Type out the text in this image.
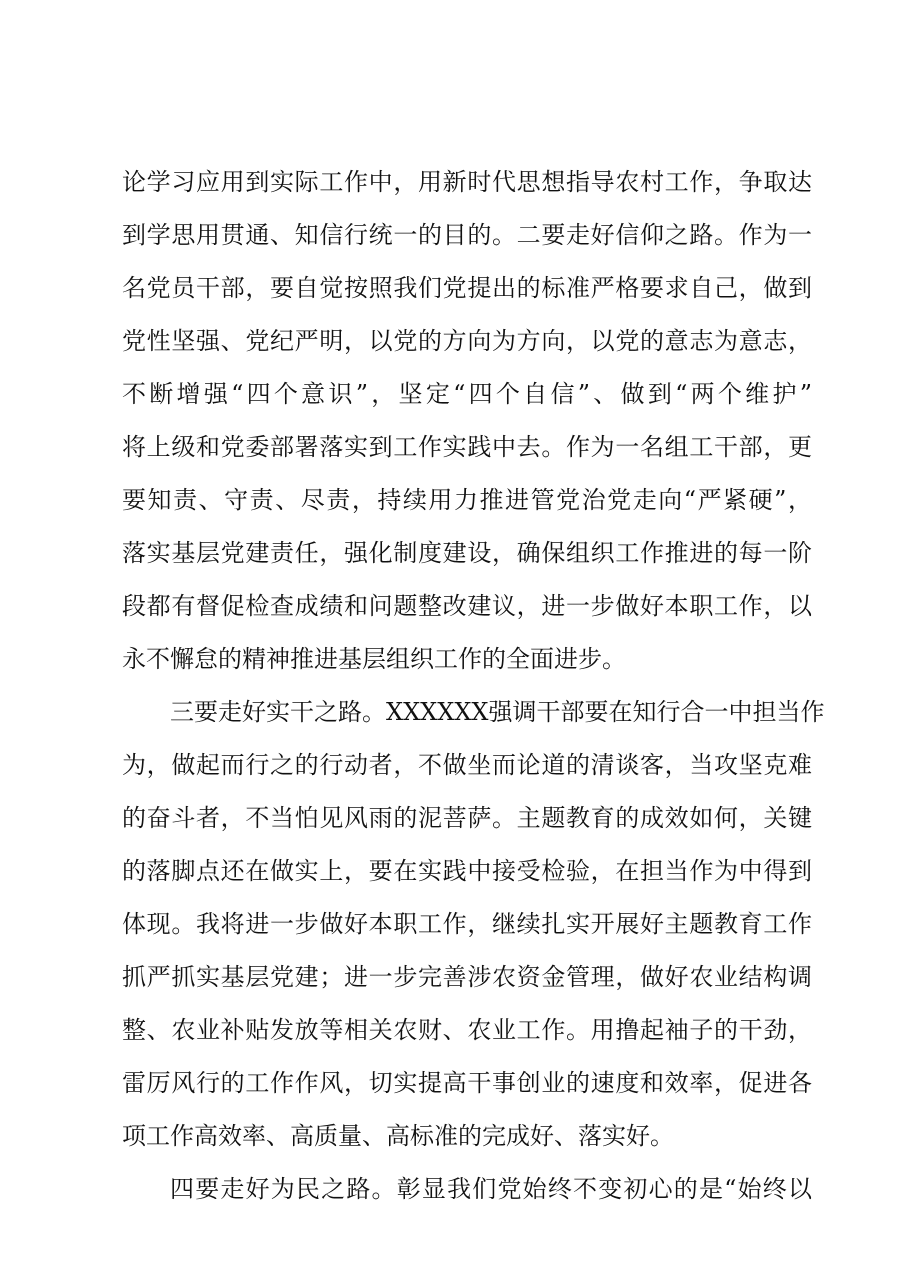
论学习应用到实际工作中，用新时代思想指导农村工作，争取达
到学思用贯通、知信行统一的目的。二要走好信仰之路。作为一
名党员干部，要自觉按照我们党提出的标准严格要求自己，做到
党性坚强、党纪严明，以党的方向为方向，以党的意志为意志，
不断增强“四个意识”，坚定“四个自信”、做到“两个维护”
将上级和党委部署落实到工作实践中去。作为一名组工干部，更
要知责、守责、尽责，持续用力推进管党治党走向“严紧硬”，
落实基层党建责任，强化制度建设，确保组织工作推进的每一阶
段都有督促检查成绩和问题整改建议，进一步做好本职工作，以
永不懈怠的精神推进基层组织工作的全面进步。
三要走好实干之路。XXXXXX强调干部要在知行合一中担当作
为，做起而行之的行动者，不做坐而论道的清谈客，当攻坚克难
的奋斗者，不当怕见风雨的泥菩萨。主题教育的成效如何，关键
的落脚点还在做实上，要在实践中接受检验，在担当作为中得到
体现。我将进一步做好本职工作，继续扎实开展好主题教育工作
抓严抓实基层党建；进一步完善涉农资金管理，做好农业结构调
整、农业补贴发放等相关农财、农业工作。用撸起袖子的干劲，
雷厉风行的工作作风，切实提高干事创业的速度和效率，促进各
项工作高效率、高质量、高标准的完成好、落实好。
四要走好为民之路。彰显我们党始终不变初心的是“始终以
